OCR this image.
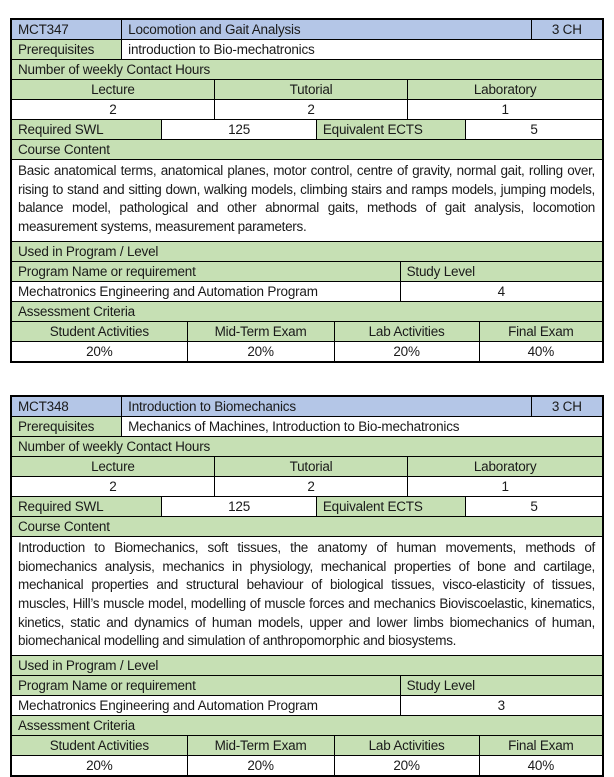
MCT347	Locomotion and Gait Analysis	3 CH
Prerequisites	introduction to Bio-mechatronics
Number of weekly Contact Hours
Lecture	Tutorial	Laboratory
2	2	1
Required SWL	125	Equivalent ECTS	5
Course Content
Basic anatomical terms, anatomical planes, motor control, centre of gravity, normal gait, rolling over, rising to stand and sitting down, walking models, climbing stairs and ramps models, jumping models, balance model, pathological and other abnormal gaits, methods of gait analysis, locomotion measurement systems, measurement parameters.
Used in Program / Level
Program Name or requirement	Study Level
Mechatronics Engineering and Automation Program	4
Assessment Criteria
Student Activities	Mid-Term Exam	Lab Activities	Final Exam
20%	20%	20%	40%
MCT348	Introduction to Biomechanics	3 CH
Prerequisites	Mechanics of Machines, Introduction to Bio-mechatronics
Number of weekly Contact Hours
Lecture	Tutorial	Laboratory
2	2	1
Required SWL	125	Equivalent ECTS	5
Course Content
Introduction to Biomechanics, soft tissues, the anatomy of human movements, methods of biomechanics analysis, mechanics in physiology, mechanical properties of bone and cartilage, mechanical properties and structural behaviour of biological tissues, visco-elasticity of tissues, muscles, Hill’s muscle model, modelling of muscle forces and mechanics Bioviscoelastic, kinematics, kinetics, static and dynamics of human models, upper and lower limbs biomechanics of human, biomechanical modelling and simulation of anthropomorphic and biosystems.
Used in Program / Level
Program Name or requirement	Study Level
Mechatronics Engineering and Automation Program	3
Assessment Criteria
Student Activities	Mid-Term Exam	Lab Activities	Final Exam
20%	20%	20%	40%
